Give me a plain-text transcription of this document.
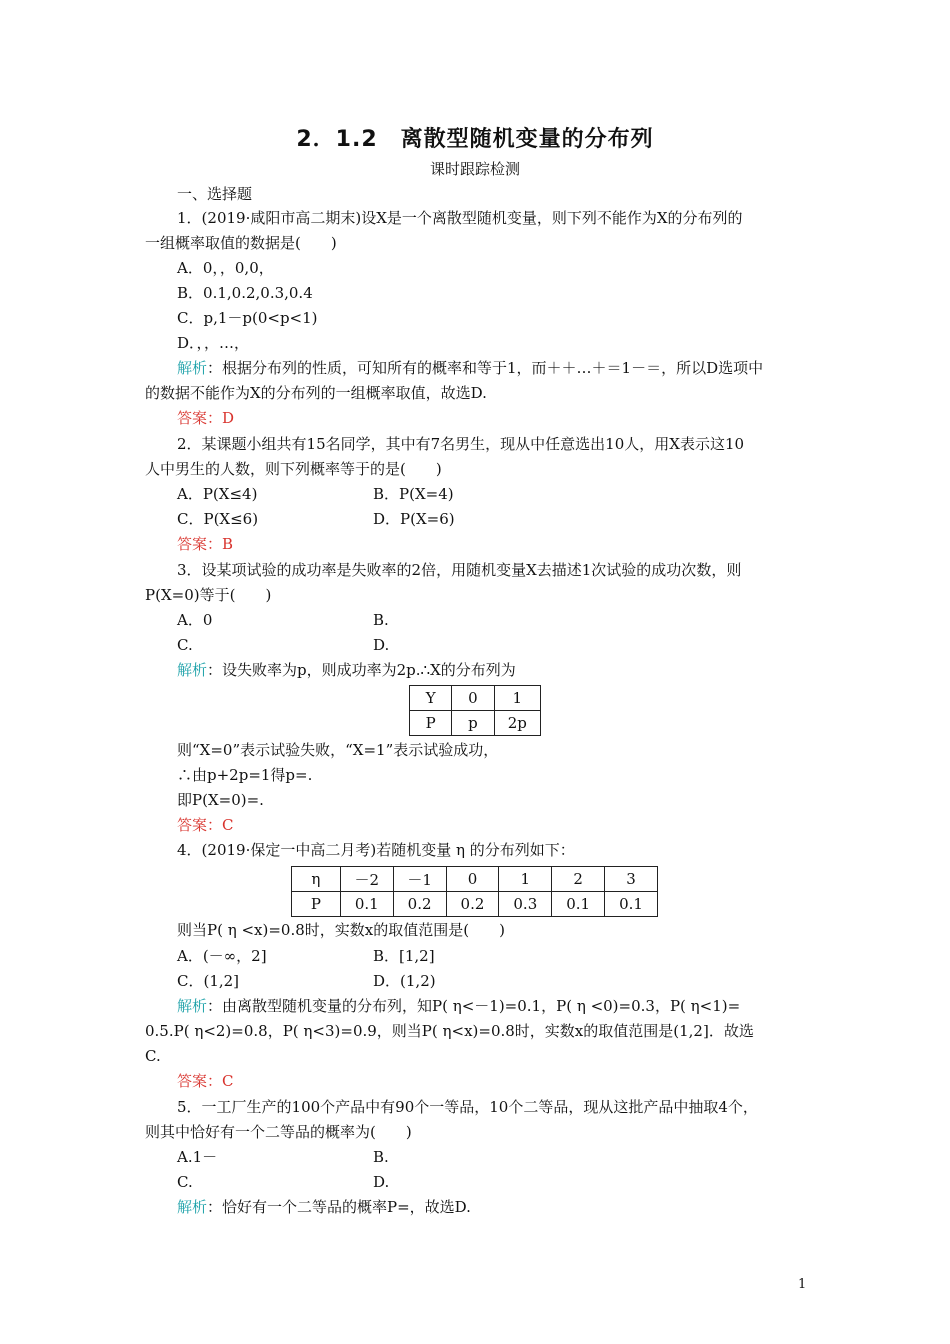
2．1.2　离散型随机变量的分布列
课时跟踪检测
一、选择题
1．(2019·咸阳市高二期末)设X是一个离散型随机变量，则下列不能作为X的分布列的
一组概率取值的数据是(　　)
A．0，，0,0，
B．0.1,0.2,0.3,0.4
C．p,1－p(0<p<1)
D．，，…，
解析：根据分布列的性质，可知所有的概率和等于1，而＋＋…＋＝1－＝，所以D选项中
的数据不能作为X的分布列的一组概率取值，故选D.
答案：D
2．某课题小组共有15名同学，其中有7名男生，现从中任意选出10人，用X表示这10
人中男生的人数，则下列概率等于的是(　　)
A．P(X≤4)	B．P(X=4)
C．P(X≤6)	D．P(X=6)
答案：B
3．设某项试验的成功率是失败率的2倍，用随机变量X去描述1次试验的成功次数，则
P(X=0)等于(　　)
A．0	B.
C.	D.
解析：设失败率为p，则成功率为2p.∴X的分布列为
Y	0	1
P	p	2p
则“X=0”表示试验失败，“X=1”表示试验成功，
∴由p+2p=1得p=.
即P(X=0)=.
答案：C
4．(2019·保定一中高二月考)若随机变量 η 的分布列如下：
η	－2	－1	0	1	2	3
P	0.1	0.2	0.2	0.3	0.1	0.1
则当P( η <x)=0.8时，实数x的取值范围是(　　)
A．(－∞，2]	B．[1,2]
C．(1,2]	D．(1,2)
解析：由离散型随机变量的分布列，知P( η<－1)=0.1，P( η <0)=0.3，P( η<1)=
0.5.P( η<2)=0.8，P( η<3)=0.9，则当P( η<x)=0.8时，实数x的取值范围是(1,2]．故选
C.
答案：C
5．一工厂生产的100个产品中有90个一等品，10个二等品，现从这批产品中抽取4个，
则其中恰好有一个二等品的概率为(　　)
A.1－	B.
C.	D.
解析：恰好有一个二等品的概率P=，故选D.
1
